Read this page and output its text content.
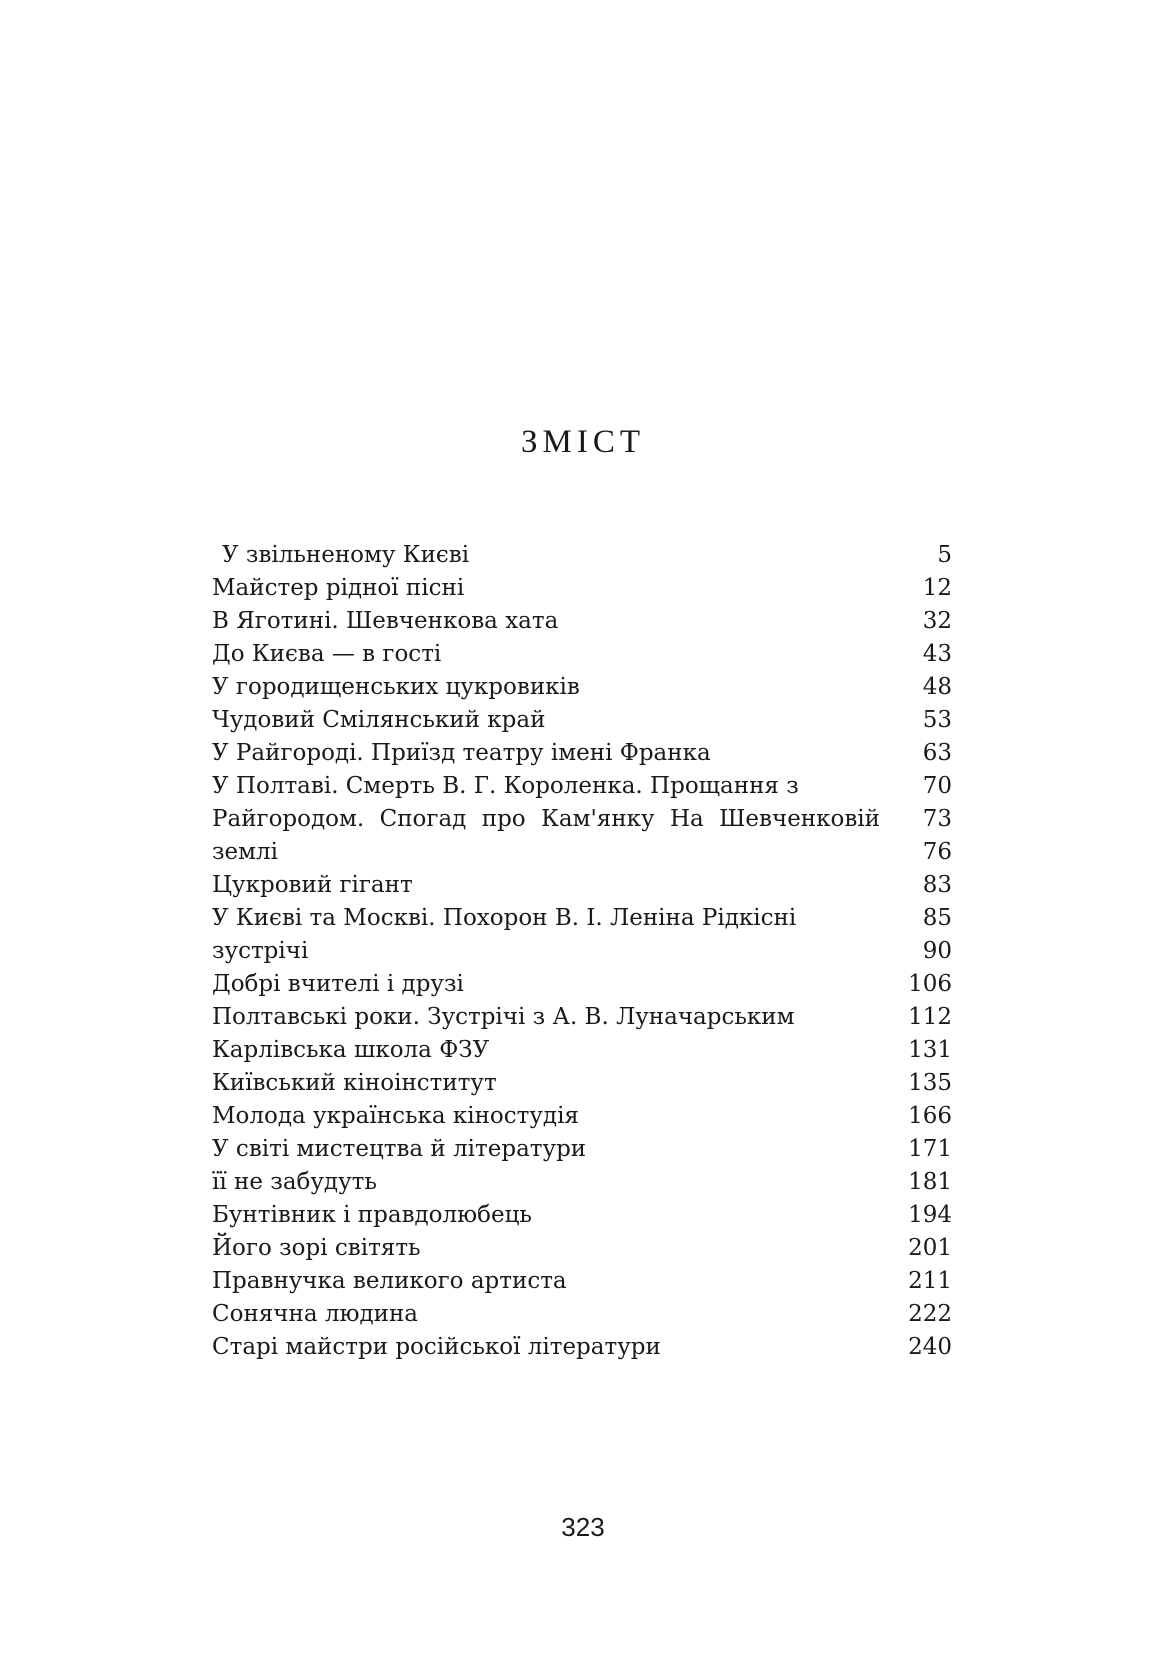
ЗМІСТ
У звільненому Києві	5
Майстер рідної пісні	12
В Яготині. Шевченкова хата	32
До Києва — в гості	43
У городищенських цукровиків	48
Чудовий Смілянський край	53
У Райгороді. Приїзд театру імені Франка	63
У Полтаві. Смерть В. Г. Короленка. Прощання з	70
Райгородом. Спогад про Кам'янку На Шевченковій 73
землі	76
Цукровий гігант	83
У Києві та Москві. Похорон В. І. Леніна Рідкісні	85
зустрічі	90
Добрі вчителі і друзі	106
Полтавські роки. Зустрічі з А. В. Луначарським	112
Карлівська школа ФЗУ	131
Київський кіноінститут	135
Молода українська кіностудія	166
У світі мистецтва й літератури	171
її не забудуть	181
Бунтівник і правдолюбець	194
Його зорі світять	201
Правнучка великого артиста	211
Сонячна людина	222
Старі майстри російської літератури	240
323
